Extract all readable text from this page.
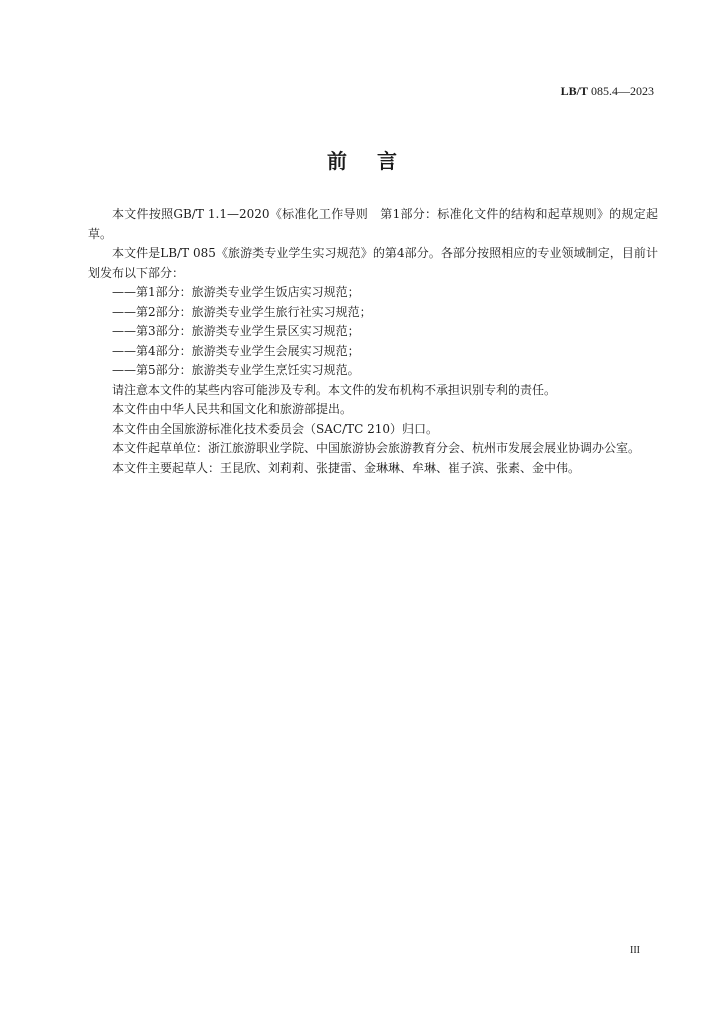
LB/T 085.4—2023
前言

本文件按照GB/T 1.1—2020《标准化工作导则　第1部分：标准化文件的结构和起草规则》的规定起草。

本文件是LB/T 085《旅游类专业学生实习规范》的第4部分。各部分按照相应的专业领域制定，目前计划发布以下部分：

——第1部分：旅游类专业学生饭店实习规范；

——第2部分：旅游类专业学生旅行社实习规范；

——第3部分：旅游类专业学生景区实习规范；

——第4部分：旅游类专业学生会展实习规范；

——第5部分：旅游类专业学生烹饪实习规范。

请注意本文件的某些内容可能涉及专利。本文件的发布机构不承担识别专利的责任。

本文件由中华人民共和国文化和旅游部提出。

本文件由全国旅游标准化技术委员会（SAC/TC 210）归口。

本文件起草单位：浙江旅游职业学院、中国旅游协会旅游教育分会、杭州市发展会展业协调办公室。

本文件主要起草人：王昆欣、刘莉莉、张捷雷、金琳琳、牟琳、崔子滨、张素、金中伟。

III
